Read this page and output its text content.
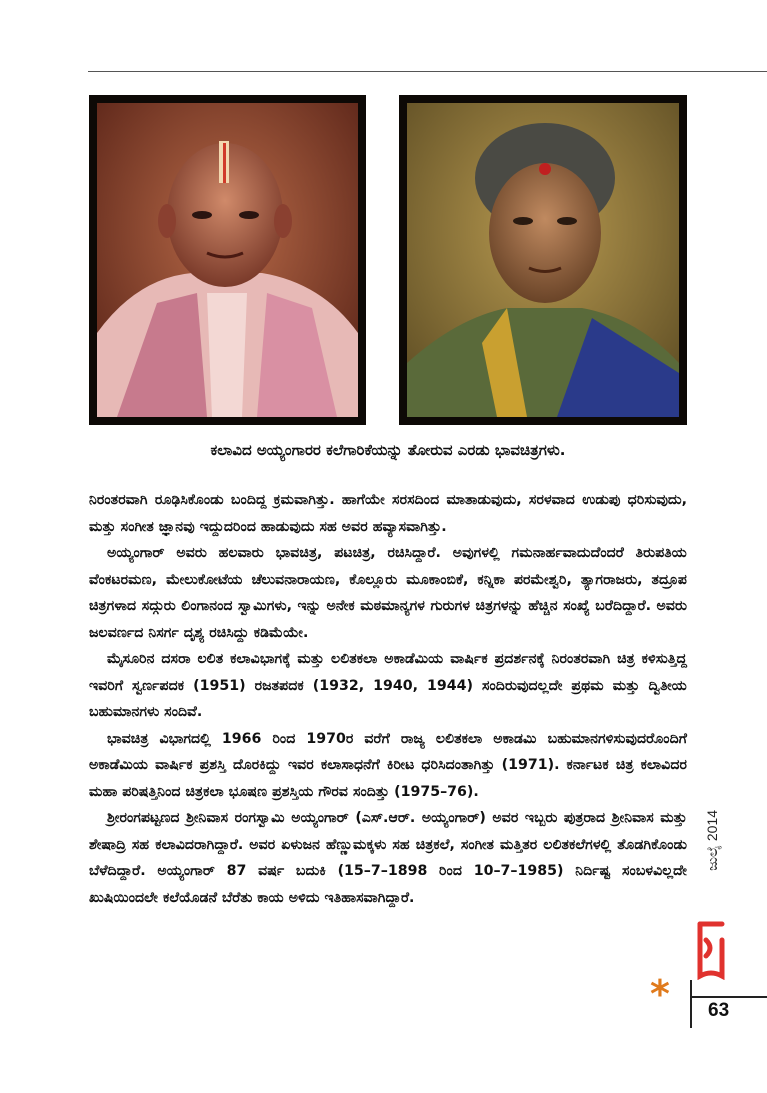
ಕಲಾವಿದ ಅಯ್ಯಂಗಾರರ ಕಲೆಗಾರಿಕೆಯನ್ನು ತೋರುವ ಎರಡು ಭಾವಚಿತ್ರಗಳು.

ನಿರಂತರವಾಗಿ ರೂಢಿಸಿಕೊಂಡು ಬಂದಿದ್ದ ಕ್ರಮವಾಗಿತ್ತು. ಹಾಗೆಯೇ ಸರಸದಿಂದ ಮಾತಾಡುವುದು, ಸರಳವಾದ ಉಡುಪು ಧರಿಸುವುದು, ಮತ್ತು ಸಂಗೀತ ಜ್ಞಾನವು ಇದ್ದುದರಿಂದ ಹಾಡುವುದು ಸಹ ಅವರ ಹವ್ಯಾಸವಾಗಿತ್ತು.

ಅಯ್ಯಂಗಾರ್ ಅವರು ಹಲವಾರು ಭಾವಚಿತ್ರ, ಪಟಚಿತ್ರ, ರಚಿಸಿದ್ದಾರೆ. ಅವುಗಳಲ್ಲಿ ಗಮನಾರ್ಹವಾದುದೆಂದರೆ ತಿರುಪತಿಯ ವೆಂಕಟರಮಣ, ಮೇಲುಕೋಟೆಯ ಚೆಲುವನಾರಾಯಣ, ಕೊಲ್ಲೂರು ಮೂಕಾಂಬಿಕೆ, ಕನ್ನಿಕಾ ಪರಮೇಶ್ವರಿ, ತ್ಯಾಗರಾಜರು, ತದ್ರೂಪ ಚಿತ್ರಗಳಾದ ಸದ್ಗುರು ಲಿಂಗಾನಂದ ಸ್ವಾಮಿಗಳು, ಇನ್ನು ಅನೇಕ ಮಠಮಾನ್ಯಗಳ ಗುರುಗಳ ಚಿತ್ರಗಳನ್ನು ಹೆಚ್ಚಿನ ಸಂಖ್ಯೆ ಬರೆದಿದ್ದಾರೆ. ಅವರು ಜಲವರ್ಣದ ನಿಸರ್ಗ ದೃಶ್ಯ ರಚಿಸಿದ್ದು ಕಡಿಮೆಯೇ.

ಮೈಸೂರಿನ ದಸರಾ ಲಲಿತ ಕಲಾವಿಭಾಗಕ್ಕೆ ಮತ್ತು ಲಲಿತಕಲಾ ಅಕಾಡೆಮಿಯ ವಾರ್ಷಿಕ ಪ್ರದರ್ಶನಕ್ಕೆ ನಿರಂತರವಾಗಿ ಚಿತ್ರ ಕಳಿಸುತ್ತಿದ್ದ ಇವರಿಗೆ ಸ್ವರ್ಣಪದಕ (1951) ರಜತಪದಕ (1932, 1940, 1944) ಸಂದಿರುವುದಲ್ಲದೇ ಪ್ರಥಮ ಮತ್ತು ದ್ವಿತೀಯ ಬಹುಮಾನಗಳು ಸಂದಿವೆ.

ಭಾವಚಿತ್ರ ವಿಭಾಗದಲ್ಲಿ 1966 ರಿಂದ 1970ರ ವರೆಗೆ ರಾಜ್ಯ ಲಲಿತಕಲಾ ಅಕಾಡಮಿ ಬಹುಮಾನಗಳಿಸುವುದರೊಂದಿಗೆ ಅಕಾಡೆಮಿಯ ವಾರ್ಷಿಕ ಪ್ರಶಸ್ತಿ ದೊರಕಿದ್ದು ಇವರ ಕಲಾಸಾಧನೆಗೆ ಕಿರೀಟ ಧರಿಸಿದಂತಾಗಿತ್ತು (1971). ಕರ್ನಾಟಕ ಚಿತ್ರ ಕಲಾವಿದರ ಮಹಾ ಪರಿಷತ್ತಿನಿಂದ ಚಿತ್ರಕಲಾ ಭೂಷಣ ಪ್ರಶಸ್ತಿಯ ಗೌರವ ಸಂದಿತ್ತು (1975–76).

ಶ್ರೀರಂಗಪಟ್ಟಣದ ಶ್ರೀನಿವಾಸ ರಂಗಸ್ವಾಮಿ ಅಯ್ಯಂಗಾರ್ (ಎಸ್.ಆರ್. ಅಯ್ಯಂಗಾರ್) ಅವರ ಇಬ್ಬರು ಪುತ್ರರಾದ ಶ್ರೀನಿವಾಸ ಮತ್ತು ಶೇಷಾದ್ರಿ ಸಹ ಕಲಾವಿದರಾಗಿದ್ದಾರೆ. ಅವರ ಏಳುಜನ ಹೆಣ್ಣುಮಕ್ಕಳು ಸಹ ಚಿತ್ರಕಲೆ, ಸಂಗೀತ ಮತ್ತಿತರ ಲಲಿತಕಲೆಗಳಲ್ಲಿ ತೊಡಗಿಕೊಂಡು ಬೆಳೆದಿದ್ದಾರೆ. ಅಯ್ಯಂಗಾರ್ 87 ವರ್ಷ ಬದುಕಿ (15–7–1898 ರಿಂದ 10–7–1985) ನಿರ್ದಿಷ್ಟ ಸಂಬಳವಿಲ್ಲದೇ ಖುಷಿಯಿಂದಲೇ ಕಲೆಯೊಡನೆ ಬೆರೆತು ಕಾಯ ಅಳಿದು ಇತಿಹಾಸವಾಗಿದ್ದಾರೆ.

ಜುಲೈ 2014
* 63
